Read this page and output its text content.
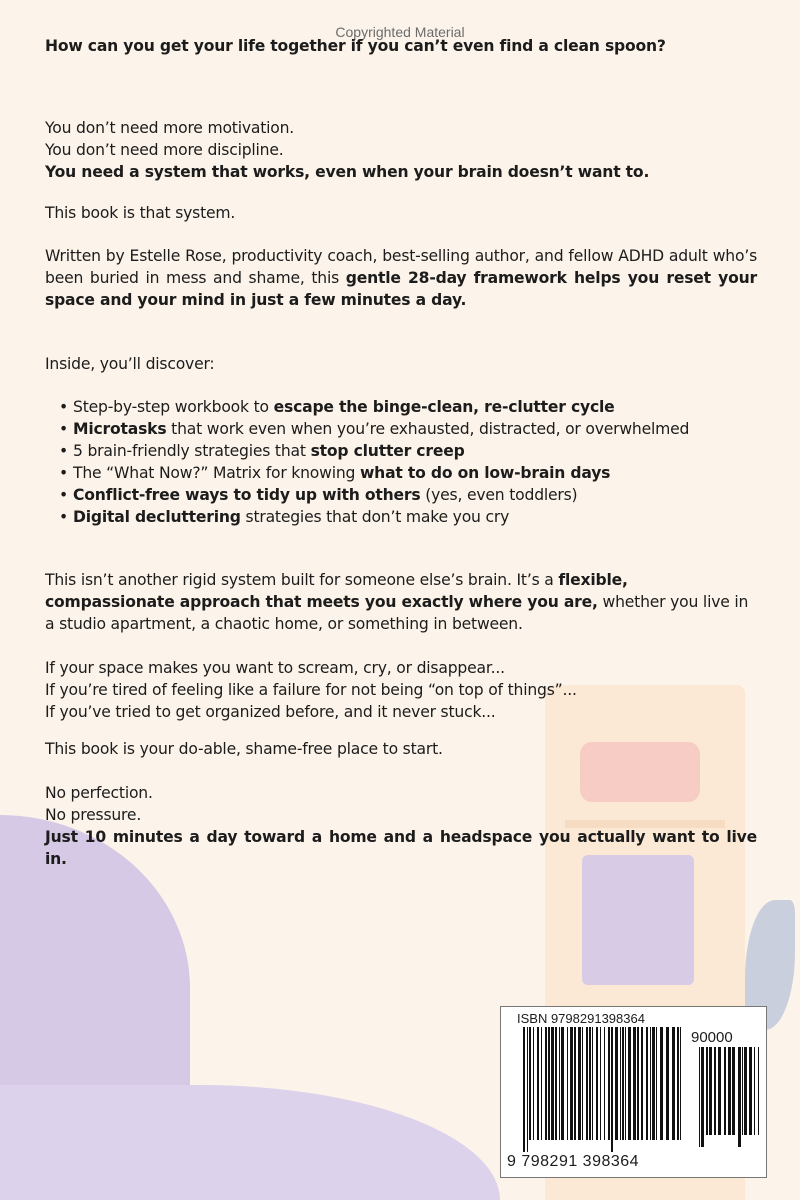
Copyrighted Material
How can you get your life together if you can’t even find a clean spoon?
You don’t need more motivation.
You don’t need more discipline.
You need a system that works, even when your brain doesn’t want to.
This book is that system.
Written by Estelle Rose, productivity coach, best-selling author, and fellow ADHD adult who’s been buried in mess and shame, this gentle 28-day framework helps you reset your space and your mind in just a few minutes a day.
Inside, you’ll discover:
• Step-by-step workbook to escape the binge-clean, re-clutter cycle
• Microtasks that work even when you’re exhausted, distracted, or overwhelmed
• 5 brain-friendly strategies that stop clutter creep
• The “What Now?” Matrix for knowing what to do on low-brain days
• Conflict-free ways to tidy up with others (yes, even toddlers)
• Digital decluttering strategies that don’t make you cry
This isn’t another rigid system built for someone else’s brain. It’s a flexible, compassionate approach that meets you exactly where you are, whether you live in a studio apartment, a chaotic home, or something in between.
If your space makes you want to scream, cry, or disappear...
If you’re tired of feeling like a failure for not being “on top of things”...
If you’ve tried to get organized before, and it never stuck...
This book is your do-able, shame-free place to start.
No perfection.
No pressure.
Just 10 minutes a day toward a home and a headspace you actually want to live in.
ISBN 9798291398364
90000
9 798291 398364
